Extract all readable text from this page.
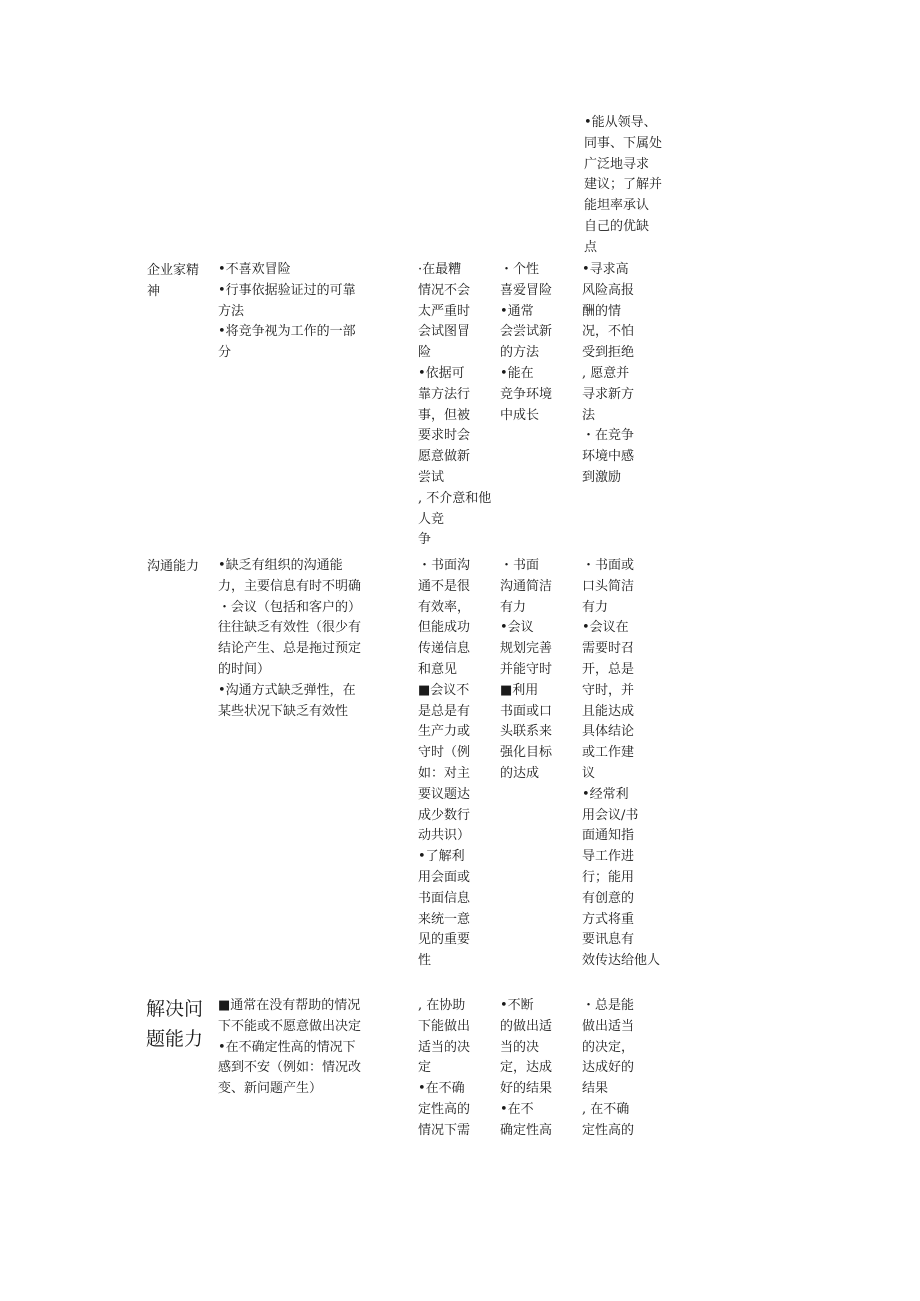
•能从领导、
同事、下属处
广泛地寻求
建议；了解并
能坦率承认
自己的优缺
点
企业家精
神
•不喜欢冒险
•行事依据验证过的可靠
方法
•将竞争视为工作的一部
分
·在最糟
情况不会
太严重时
会试图冒
险
•依据可
靠方法行
事，但被
要求时会
愿意做新
尝试
, 不介意和他
人竞
争
・个性
喜爱冒险
•通常
会尝试新
的方法
•能在
竞争环境
中成长
•寻求高
风险高报
酬的情
况，不怕
受到拒绝
, 愿意并
寻求新方
法
・在竞争
环境中感
到激励
沟通能力	•缺乏有组织的沟通能
力，主要信息有时不明确
・会议（包括和客户的）
往往缺乏有效性（很少有
结论产生、总是拖过预定
的时间）
•沟通方式缺乏弹性，在
某些状况下缺乏有效性
・书面沟
通不是很
有效率，
但能成功
传递信息
和意见
■会议不
是总是有
生产力或
守时（例
如：对主
要议题达
成少数行
动共识）
•了解利
用会面或
书面信息
来统一意
见的重要
性
・书面
沟通简洁
有力
•会议
规划完善
并能守时
■利用
书面或口
头联系来
强化目标
的达成
・书面或
口头简洁
有力
•会议在
需要时召
开，总是
守时，并
且能达成
具体结论
或工作建
议
•经常利
用会议/书
面通知指
导工作进
行；能用
有创意的
方式将重
要讯息有
效传达给他人
解决问
题能力
■通常在没有帮助的情况
下不能或不愿意做出决定
•在不确定性高的情况下
感到不安（例如：情况改
变、新问题产生）
, 在协助
下能做出
适当的决
定
•在不确
定性高的
情况下需
•不断
的做出适
当的决
定，达成
好的结果
•在不
确定性高
・总是能
做出适当
的决定，
达成好的
结果
, 在不确
定性高的
